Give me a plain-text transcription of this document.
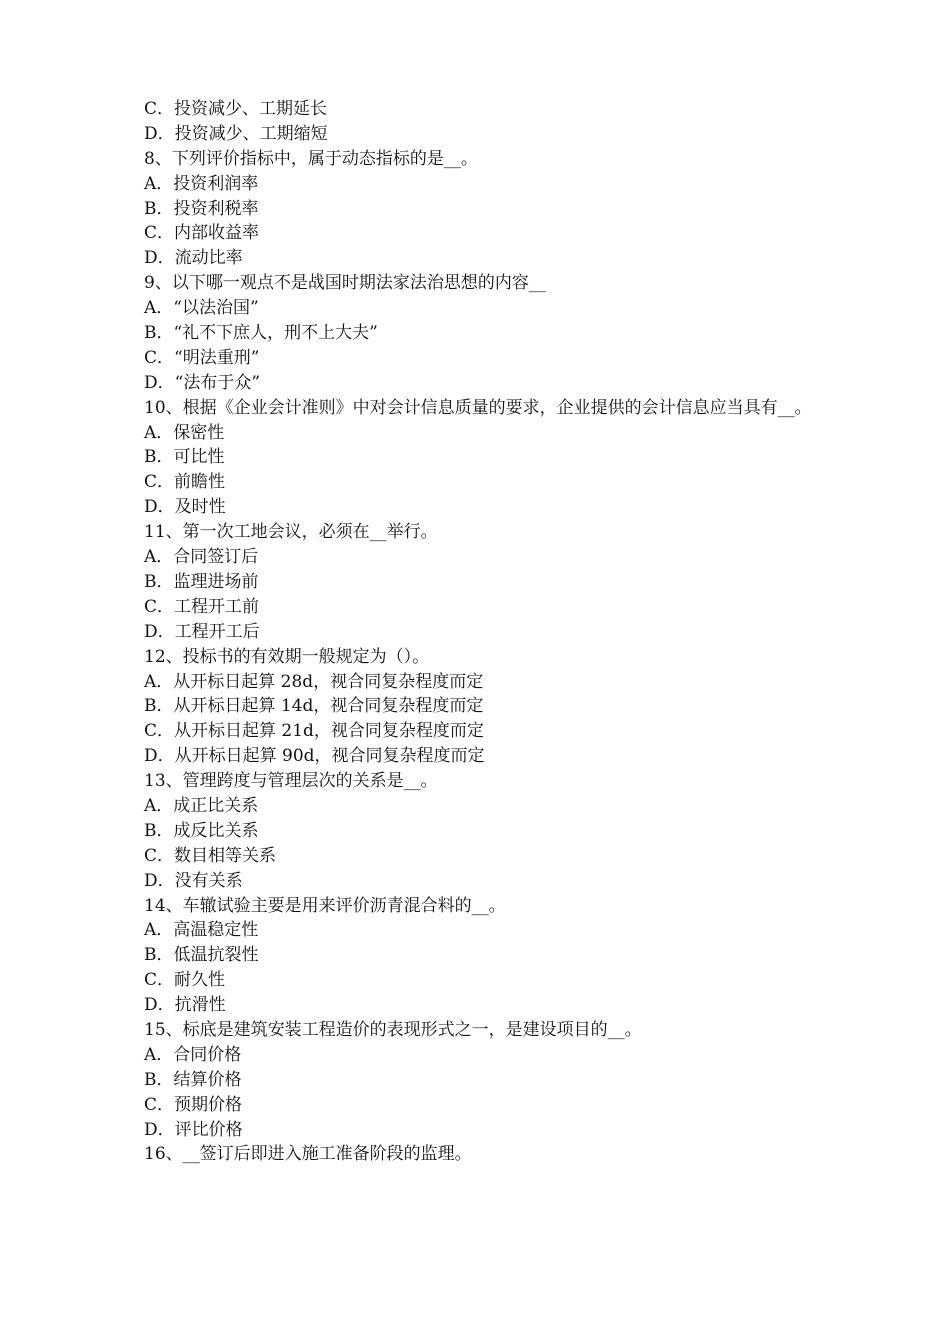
C．投资减少、工期延长
D．投资减少、工期缩短
8、下列评价指标中，属于动态指标的是__。
A．投资利润率
B．投资利税率
C．内部收益率
D．流动比率
9、以下哪一观点不是战国时期法家法治思想的内容__
A．“以法治国”
B．“礼不下庶人，刑不上大夫”
C．“明法重刑”
D．“法布于众”
10、根据《企业会计准则》中对会计信息质量的要求，企业提供的会计信息应当具有__。
A．保密性
B．可比性
C．前瞻性
D．及时性
11、第一次工地会议，必须在__举行。
A．合同签订后
B．监理进场前
C．工程开工前
D．工程开工后
12、投标书的有效期一般规定为（）。
A．从开标日起算 28d，视合同复杂程度而定
B．从开标日起算 14d，视合同复杂程度而定
C．从开标日起算 21d，视合同复杂程度而定
D．从开标日起算 90d，视合同复杂程度而定
13、管理跨度与管理层次的关系是__。
A．成正比关系
B．成反比关系
C．数目相等关系
D．没有关系
14、车辙试验主要是用来评价沥青混合料的__。
A．高温稳定性
B．低温抗裂性
C．耐久性
D．抗滑性
15、标底是建筑安装工程造价的表现形式之一，是建设项目的__。
A．合同价格
B．结算价格
C．预期价格
D．评比价格
16、__签订后即进入施工准备阶段的监理。
